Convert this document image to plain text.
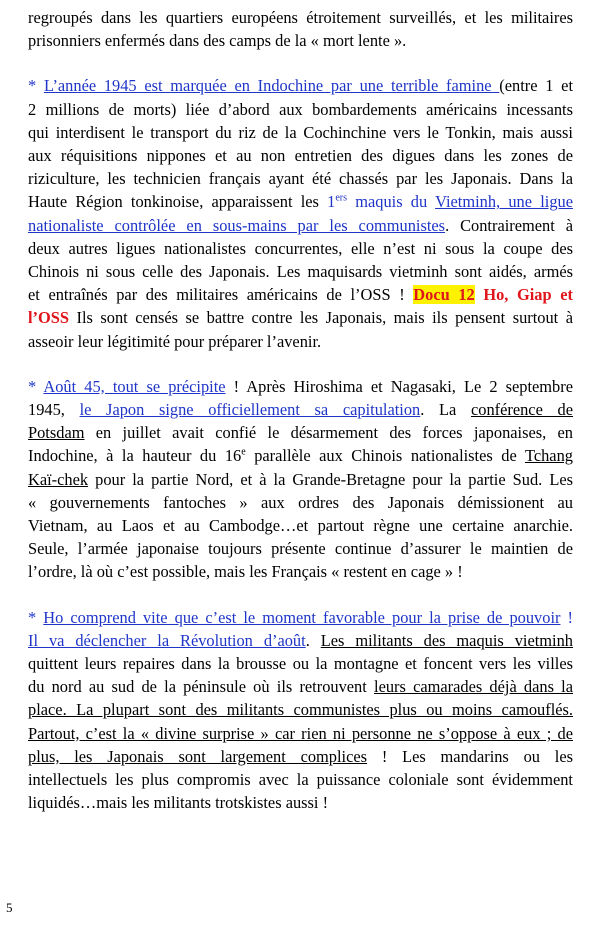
regroupés dans les quartiers européens étroitement surveillés, et les militaires
prisonniers enfermés dans des camps de la « mort lente ».
* L’année 1945 est marquée en Indochine par une terrible famine (entre 1 et
2 millions de morts) liée d’abord aux bombardements américains incessants
qui interdisent le transport du riz de la Cochinchine vers le Tonkin, mais aussi
aux réquisitions nippones et au non entretien des digues dans les zones de
riziculture, les technicien français ayant été chassés par les Japonais. Dans la
Haute Région tonkinoise, apparaissent les 1ers maquis du Vietminh, une ligue
nationaliste contrôlée en sous-mains par les communistes. Contrairement à
deux autres ligues nationalistes concurrentes, elle n’est ni sous la coupe des
Chinois ni sous celle des Japonais. Les maquisards vietminh sont aidés, armés
et entraînés par des militaires américains de l’OSS ! Docu 12 Ho, Giap et
l’OSS Ils sont censés se battre contre les Japonais, mais ils pensent surtout à
asseoir leur légitimité pour préparer l’avenir.
* Août 45, tout se précipite ! Après Hiroshima et Nagasaki, Le 2 septembre
1945, le Japon signe officiellement sa capitulation. La conférence de
Potsdam en juillet avait confié le désarmement des forces japonaises, en
Indochine, à la hauteur du 16e parallèle aux Chinois nationalistes de Tchang
Kaï-chek pour la partie Nord, et à la Grande-Bretagne pour la partie Sud. Les
« gouvernements fantoches » aux ordres des Japonais démissionent au
Vietnam, au Laos et au Cambodge…et partout règne une certaine anarchie.
Seule, l’armée japonaise toujours présente continue d’assurer le maintien de
l’ordre, là où c’est possible, mais les Français « restent en cage » !
* Ho comprend vite que c’est le moment favorable pour la prise de pouvoir !
Il va déclencher la Révolution d’août. Les militants des maquis vietminh
quittent leurs repaires dans la brousse ou la montagne et foncent vers les villes
du nord au sud de la péninsule où ils retrouvent leurs camarades déjà dans la
place. La plupart sont des militants communistes plus ou moins camouflés.
Partout, c’est la « divine surprise » car rien ni personne ne s’oppose à eux ; de
plus, les Japonais sont largement complices ! Les mandarins ou les
intellectuels les plus compromis avec la puissance coloniale sont évidemment
liquidés…mais les militants trotskistes aussi !
5
